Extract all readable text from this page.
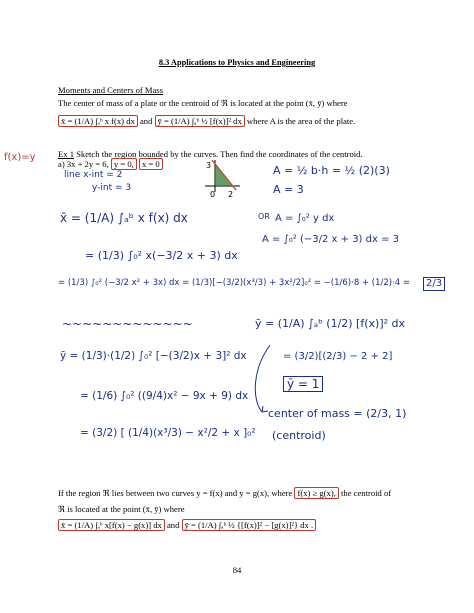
8.3 Applications to Physics and Engineering
Moments and Centers of Mass
The center of mass of a plate or the centroid of ℜ is located at the point (x̄, ȳ) where
x̄ = (1/A) ∫ₐᵇ x f(x) dx and ȳ = (1/A) ∫ₐᵇ ½ [f(x)]² dx where A is the area of the plate.
Ex 1 Sketch the region bounded by the curves. Then find the coordinates of the centroid.
a) 3x + 2y = 6, y = 0, x = 0
If the region ℜ lies between two curves y = f(x) and y = g(x), where f(x) ≥ g(x), the centroid of
ℜ is located at the point (x̄, ȳ) where
x̄ = (1/A) ∫ₐᵇ x[f(x) − g(x)] dx and ȳ = (1/A) ∫ₐᵇ ½ {[f(x)]² − [g(x)]²} dx .
84
f(x)=y
line x-int = 2
y-int = 3
3
2
0
A = ½ b·h = ½ (2)(3)
A = 3
x̄ = (1/A) ∫ₐᵇ x f(x) dx	OR A = ∫₀² y dx
A = ∫₀² (−3/2 x + 3) dx = 3
= (1/3) ∫₀² x(−3/2 x + 3) dx
= (1/3) ∫₀² (−3/2 x² + 3x) dx = (1/3)[−(3/2)(x³/3) + 3x²/2]₀² = −(1/6)·8 + (1/2)·4 =	2/3
~~~~~~~~~~~~~	ȳ = (1/A) ∫ₐᵇ (1/2) [f(x)]² dx
ȳ = (1/3)·(1/2) ∫₀² [−(3/2)x + 3]² dx	= (3/2)[(2/3) − 2 + 2]
ȳ = 1
= (1/6) ∫₀² ((9/4)x² − 9x + 9) dx
center of mass = (2/3, 1)
(centroid)
= (3/2) [ (1/4)(x³/3) − x²/2 + x ]₀²
